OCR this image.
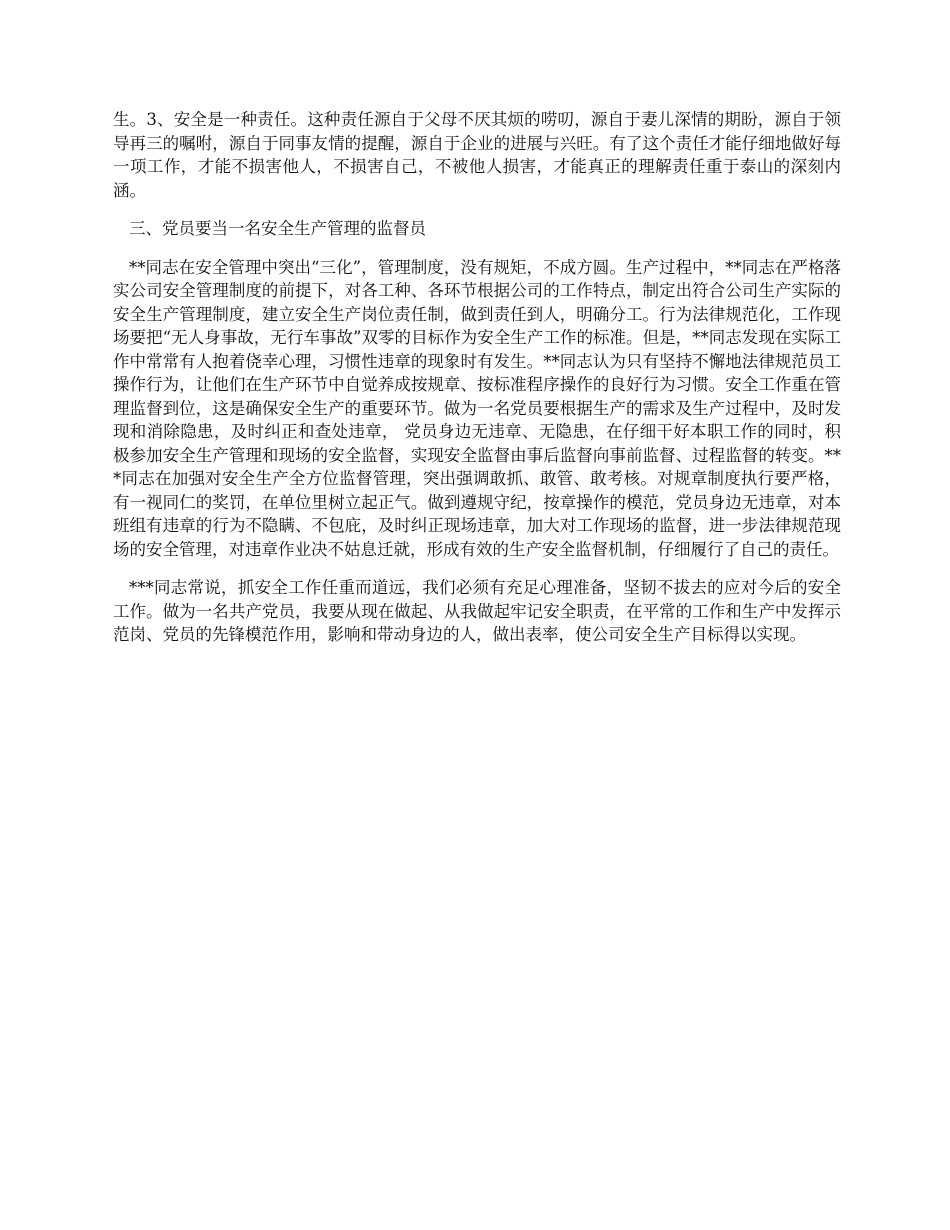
生。3、安全是一种责任。这种责任源自于父母不厌其烦的唠叨，源自于妻儿深情的期盼，源自于领导再三的嘱咐，源自于同事友情的提醒，源自于企业的进展与兴旺。有了这个责任才能仔细地做好每一项工作，才能不损害他人，不损害自己，不被他人损害，才能真正的理解责任重于泰山的深刻内涵。

三、党员要当一名安全生产管理的监督员

**同志在安全管理中突出“三化”，管理制度，没有规矩，不成方圆。生产过程中，**同志在严格落实公司安全管理制度的前提下，对各工种、各环节根据公司的工作特点，制定出符合公司生产实际的安全生产管理制度，建立安全生产岗位责任制，做到责任到人，明确分工。行为法律规范化，工作现场要把“无人身事故，无行车事故”双零的目标作为安全生产工作的标准。但是，**同志发现在实际工作中常常有人抱着侥幸心理，习惯性违章的现象时有发生。**同志认为只有坚持不懈地法律规范员工操作行为，让他们在生产环节中自觉养成按规章、按标准程序操作的良好行为习惯。安全工作重在管理监督到位，这是确保安全生产的重要环节。做为一名党员要根据生产的需求及生产过程中，及时发现和消除隐患，及时纠正和查处违章， 党员身边无违章、无隐患，在仔细干好本职工作的同时，积极参加安全生产管理和现场的安全监督，实现安全监督由事后监督向事前监督、过程监督的转变。***同志在加强对安全生产全方位监督管理，突出强调敢抓、敢管、敢考核。对规章制度执行要严格，有一视同仁的奖罚，在单位里树立起正气。做到遵规守纪，按章操作的模范，党员身边无违章，对本班组有违章的行为不隐瞒、不包庇，及时纠正现场违章，加大对工作现场的监督，进一步法律规范现场的安全管理，对违章作业决不姑息迁就，形成有效的生产安全监督机制，仔细履行了自己的责任。

***同志常说，抓安全工作任重而道远，我们必须有充足心理准备，坚韧不拔去的应对今后的安全工作。做为一名共产党员，我要从现在做起、从我做起牢记安全职责，在平常的工作和生产中发挥示范岗、党员的先锋模范作用，影响和带动身边的人，做出表率，使公司安全生产目标得以实现。
